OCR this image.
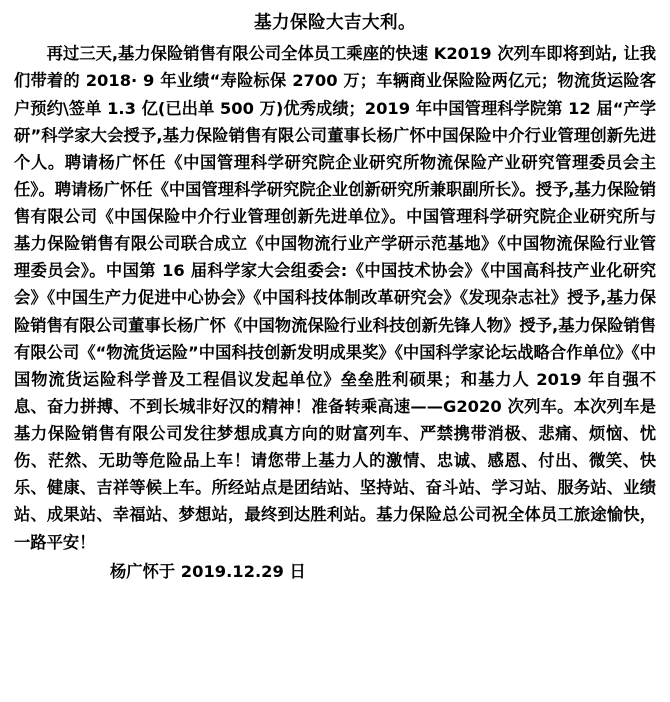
基力保险大吉大利。

再过三天,基力保险销售有限公司全体员工乘座的快速 K2019 次列车即将到站, 让我们带着的 2018· 9 年业绩“寿险标保 2700 万；车辆商业保险险两亿元；物流货运险客户预约\签单 1.3 亿(已出单 500 万)优秀成绩；2019 年中国管理科学院第 12 届“产学研”科学家大会授予,基力保险销售有限公司董事长杨广怀中国保险中介行业管理创新先进个人。聘请杨广怀任《中国管理科学研究院企业研究所物流保险产业研究管理委员会主任》。聘请杨广怀任《中国管理科学研究院企业创新研究所兼职副所长》。授予,基力保险销售有限公司《中国保险中介行业管理创新先进单位》。中国管理科学研究院企业研究所与基力保险销售有限公司联合成立《中国物流行业产学研示范基地》《中国物流保险行业管理委员会》。中国第 16 届科学家大会组委会:《中国技术协会》《中国高科技产业化研究会》《中国生产力促进中心协会》《中国科技体制改革研究会》《发现杂志社》授予,基力保险销售有限公司董事长杨广怀《中国物流保险行业科技创新先锋人物》授予,基力保险销售有限公司《“物流货运险”中国科技创新发明成果奖》《中国科学家论坛战略合作单位》《中国物流货运险科学普及工程倡议发起单位》垒垒胜利硕果；和基力人 2019 年自强不息、奋力拼搏、不到长城非好汉的精神！准备转乘高速——G2020 次列车。本次列车是基力保险销售有限公司发往梦想成真方向的财富列车、严禁携带消极、悲痛、烦恼、忧伤、茫然、无助等危险品上车！请您带上基力人的激情、忠诚、感恩、付出、微笑、快乐、健康、吉祥等候上车。所经站点是团结站、坚持站、奋斗站、学习站、服务站、业绩站、成果站、幸福站、梦想站，最终到达胜利站。基力保险总公司祝全体员工旅途愉快，一路平安！

杨广怀于 2019.12.29 日
